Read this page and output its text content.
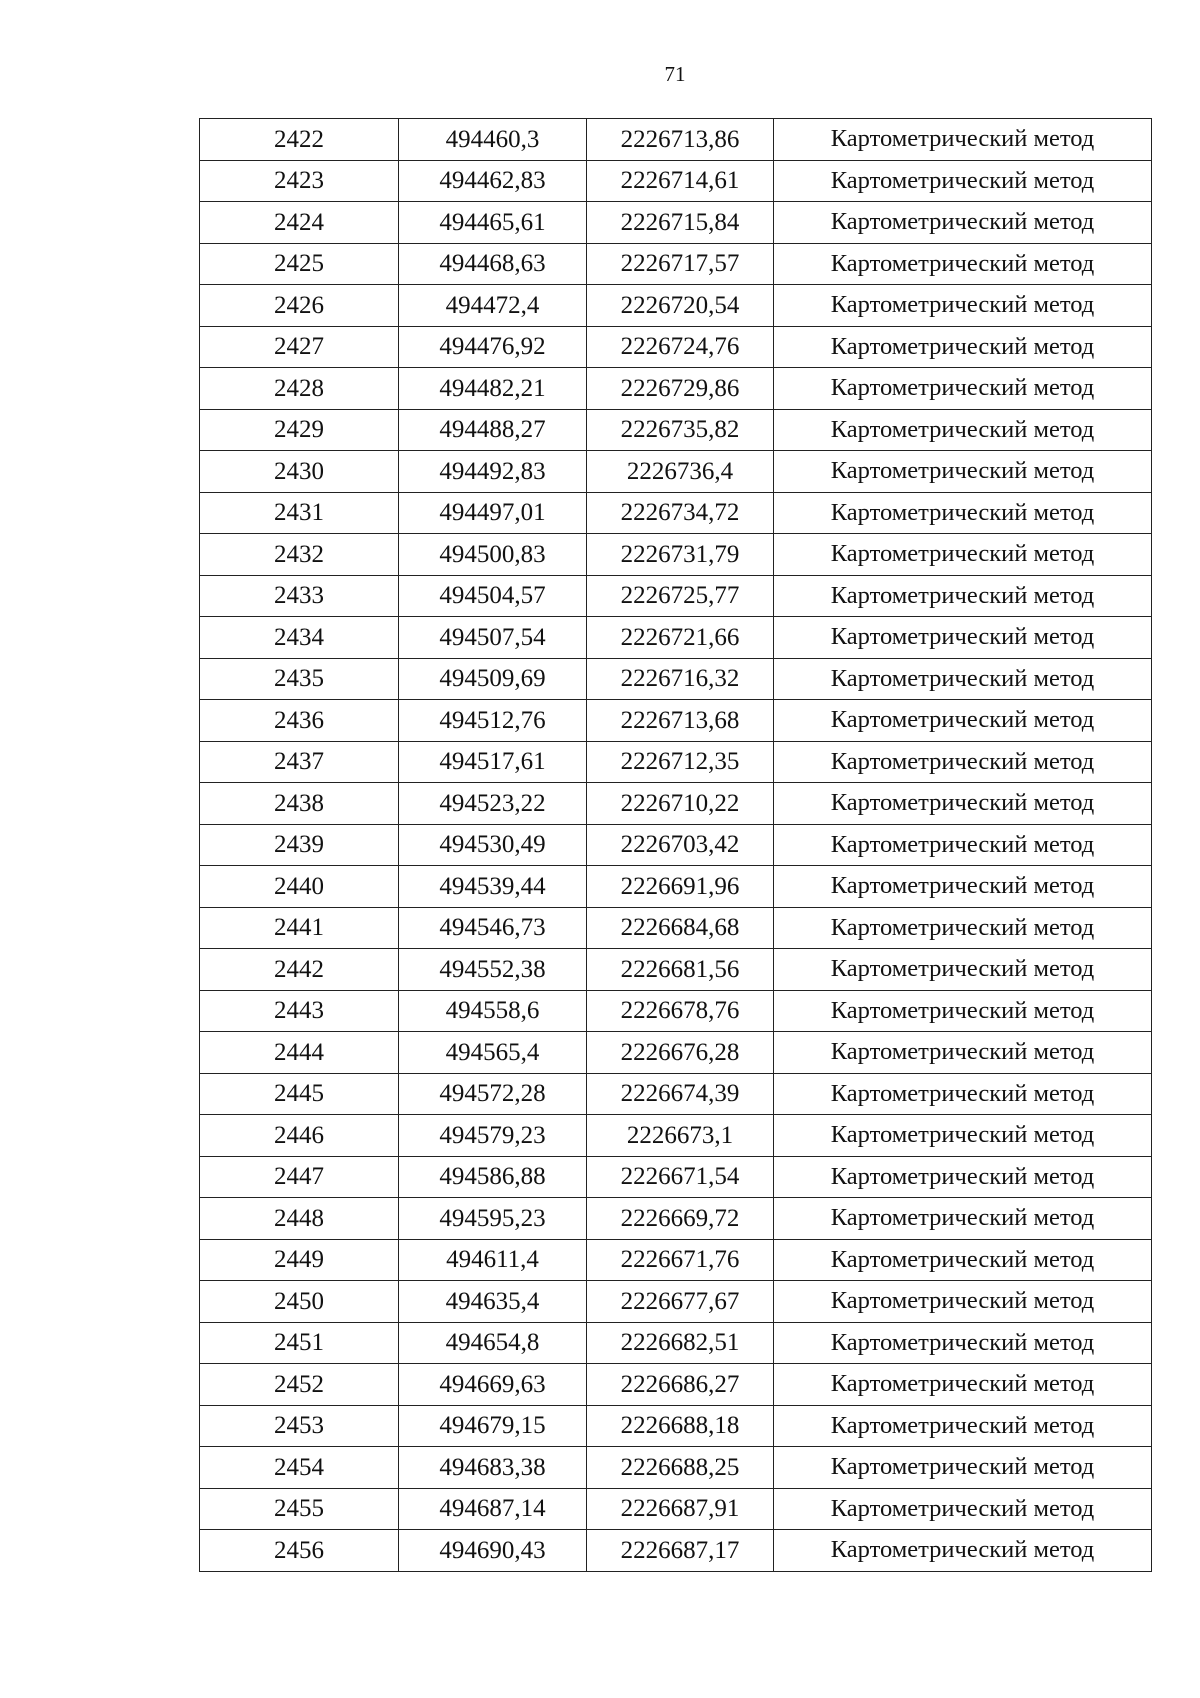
71
2422	494460,3	2226713,86	Картометрический метод
2423	494462,83	2226714,61	Картометрический метод
2424	494465,61	2226715,84	Картометрический метод
2425	494468,63	2226717,57	Картометрический метод
2426	494472,4	2226720,54	Картометрический метод
2427	494476,92	2226724,76	Картометрический метод
2428	494482,21	2226729,86	Картометрический метод
2429	494488,27	2226735,82	Картометрический метод
2430	494492,83	2226736,4	Картометрический метод
2431	494497,01	2226734,72	Картометрический метод
2432	494500,83	2226731,79	Картометрический метод
2433	494504,57	2226725,77	Картометрический метод
2434	494507,54	2226721,66	Картометрический метод
2435	494509,69	2226716,32	Картометрический метод
2436	494512,76	2226713,68	Картометрический метод
2437	494517,61	2226712,35	Картометрический метод
2438	494523,22	2226710,22	Картометрический метод
2439	494530,49	2226703,42	Картометрический метод
2440	494539,44	2226691,96	Картометрический метод
2441	494546,73	2226684,68	Картометрический метод
2442	494552,38	2226681,56	Картометрический метод
2443	494558,6	2226678,76	Картометрический метод
2444	494565,4	2226676,28	Картометрический метод
2445	494572,28	2226674,39	Картометрический метод
2446	494579,23	2226673,1	Картометрический метод
2447	494586,88	2226671,54	Картометрический метод
2448	494595,23	2226669,72	Картометрический метод
2449	494611,4	2226671,76	Картометрический метод
2450	494635,4	2226677,67	Картометрический метод
2451	494654,8	2226682,51	Картометрический метод
2452	494669,63	2226686,27	Картометрический метод
2453	494679,15	2226688,18	Картометрический метод
2454	494683,38	2226688,25	Картометрический метод
2455	494687,14	2226687,91	Картометрический метод
2456	494690,43	2226687,17	Картометрический метод
